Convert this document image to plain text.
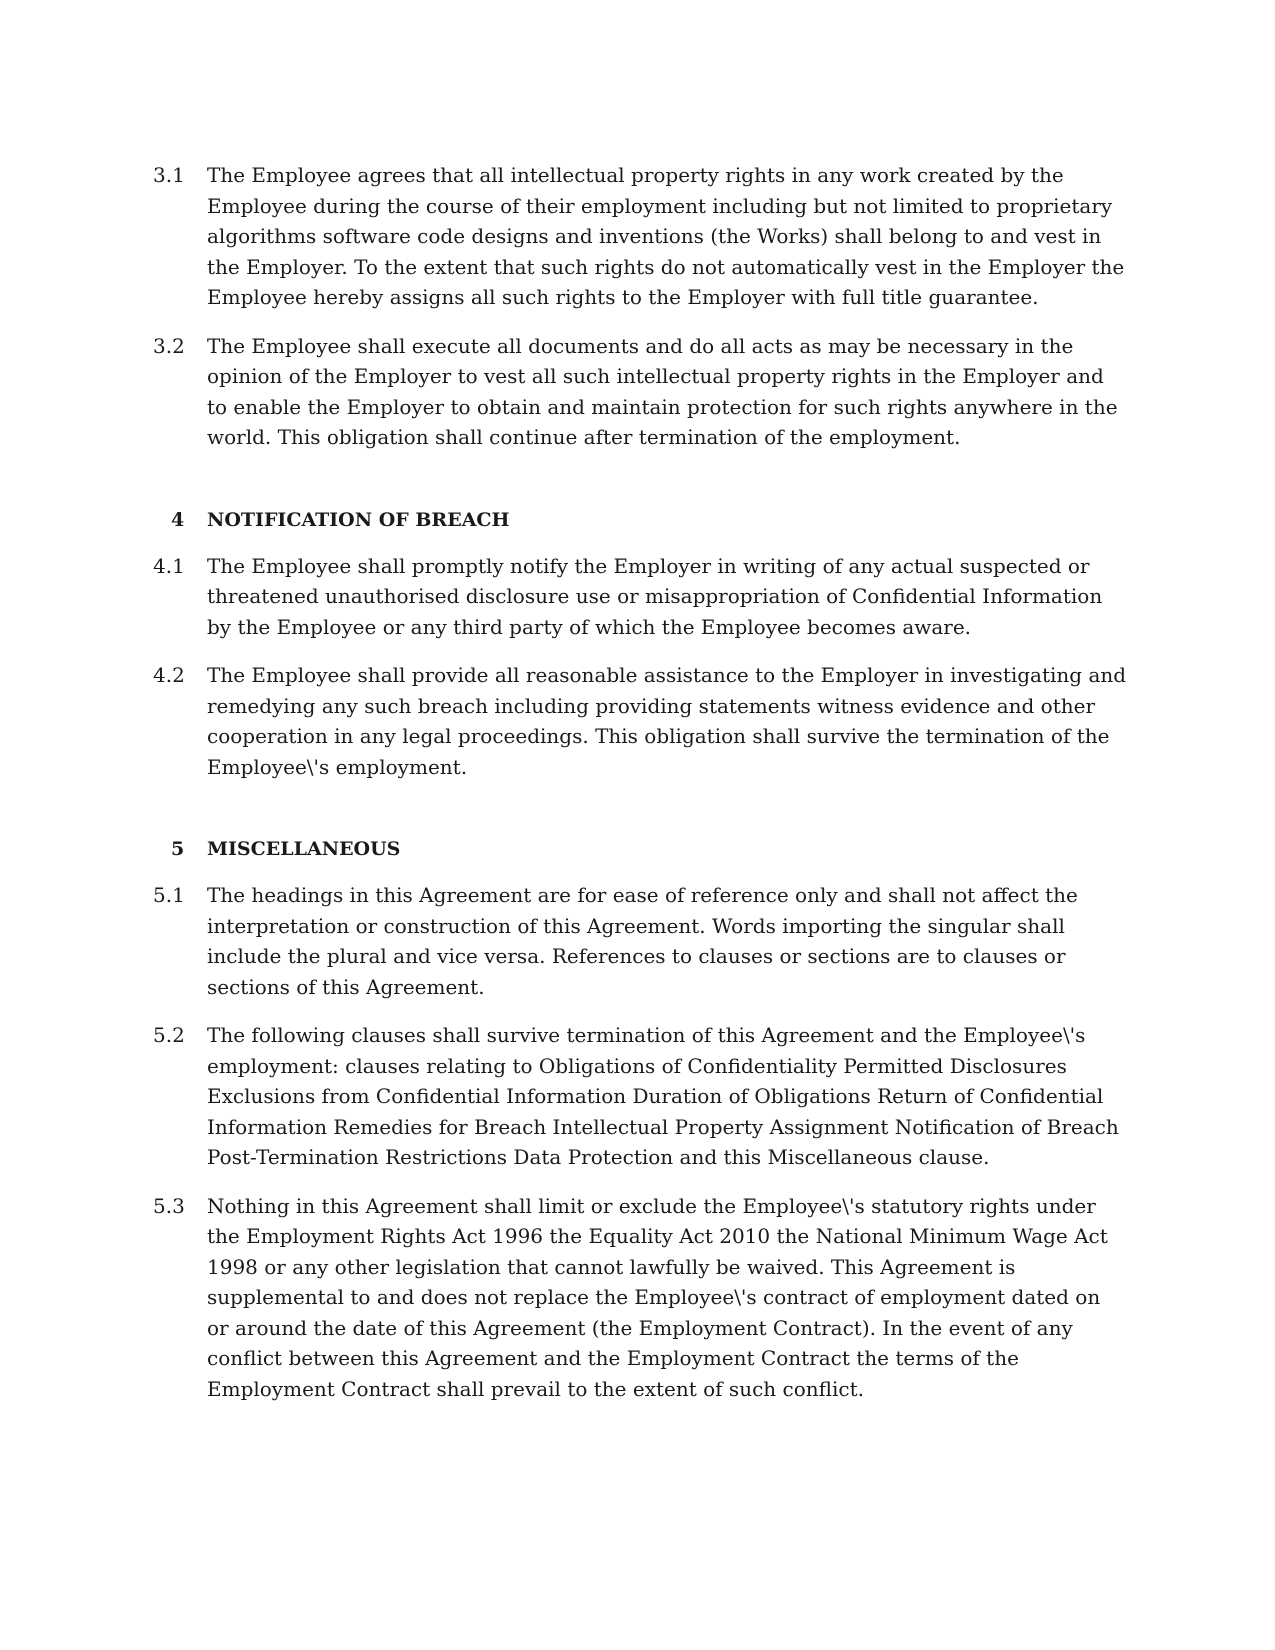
3.1	The Employee agrees that all intellectual property rights in any work created by the Employee during the course of their employment including but not limited to proprietary algorithms software code designs and inventions (the Works) shall belong to and vest in the Employer. To the extent that such rights do not automatically vest in the Employer the Employee hereby assigns all such rights to the Employer with full title guarantee.
3.2	The Employee shall execute all documents and do all acts as may be necessary in the opinion of the Employer to vest all such intellectual property rights in the Employer and to enable the Employer to obtain and maintain protection for such rights anywhere in the world. This obligation shall continue after termination of the employment.
4 NOTIFICATION OF BREACH
4.1	The Employee shall promptly notify the Employer in writing of any actual suspected or threatened unauthorised disclosure use or misappropriation of Confidential Information by the Employee or any third party of which the Employee becomes aware.
4.2	The Employee shall provide all reasonable assistance to the Employer in investigating and remedying any such breach including providing statements witness evidence and other cooperation in any legal proceedings. This obligation shall survive the termination of the Employee\'s employment.
5 MISCELLANEOUS
5.1	The headings in this Agreement are for ease of reference only and shall not affect the interpretation or construction of this Agreement. Words importing the singular shall include the plural and vice versa. References to clauses or sections are to clauses or sections of this Agreement.
5.2	The following clauses shall survive termination of this Agreement and the Employee\'s employment: clauses relating to Obligations of Confidentiality Permitted Disclosures Exclusions from Confidential Information Duration of Obligations Return of Confidential Information Remedies for Breach Intellectual Property Assignment Notification of Breach Post-Termination Restrictions Data Protection and this Miscellaneous clause.
5.3	Nothing in this Agreement shall limit or exclude the Employee\'s statutory rights under the Employment Rights Act 1996 the Equality Act 2010 the National Minimum Wage Act 1998 or any other legislation that cannot lawfully be waived. This Agreement is supplemental to and does not replace the Employee\'s contract of employment dated on or around the date of this Agreement (the Employment Contract). In the event of any conflict between this Agreement and the Employment Contract the terms of the Employment Contract shall prevail to the extent of such conflict.
